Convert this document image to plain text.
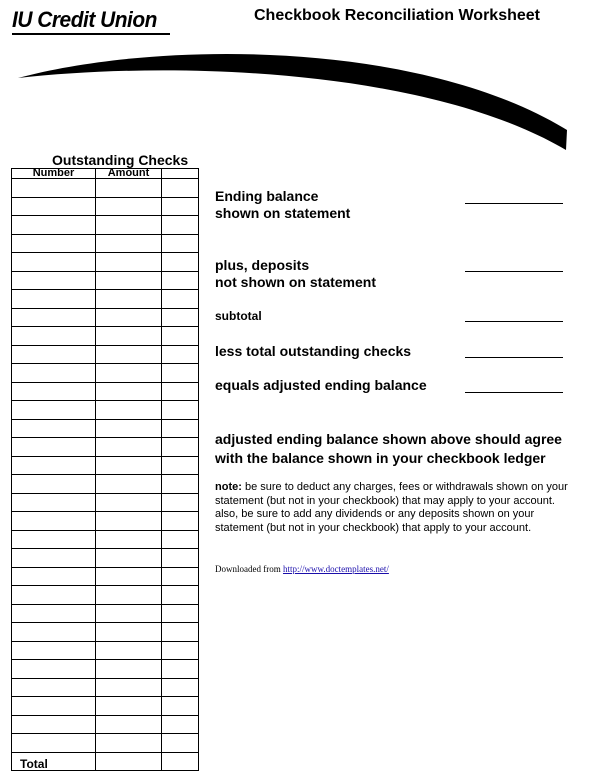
IU Credit Union	Checkbook Reconciliation Worksheet
Outstanding Checks
Number	Amount	

Total		

Ending balance
shown on statement
plus, deposits
not shown on statement
subtotal
less total outstanding checks
equals adjusted ending balance
adjusted ending balance shown above should agree
with the balance shown in your checkbook ledger
note: be sure to deduct any charges, fees or withdrawals shown on your
statement (but not in your checkbook) that may apply to your account.
also, be sure to add any dividends or any deposits shown on your
statement (but not in your checkbook) that apply to your account.
Downloaded from http://www.doctemplates.net/
